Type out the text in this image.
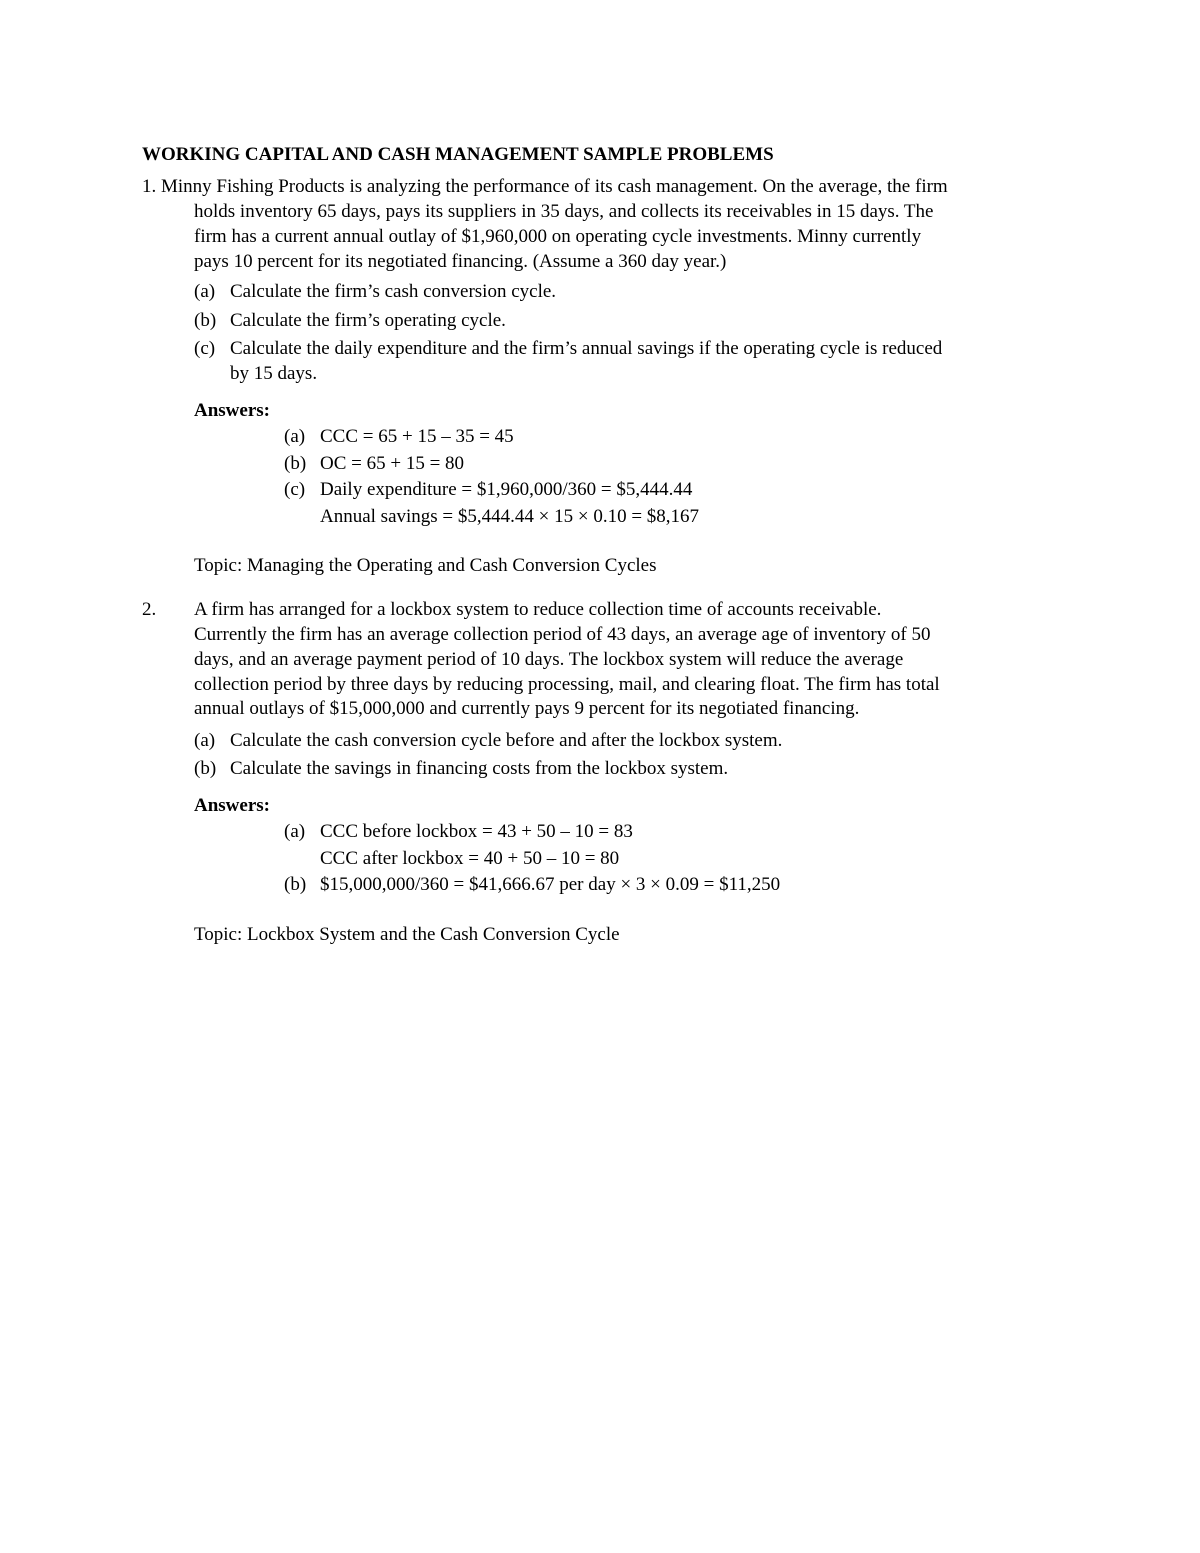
WORKING CAPITAL AND CASH MANAGEMENT SAMPLE PROBLEMS
1. Minny Fishing Products is analyzing the performance of its cash management. On the average, the firm
holds inventory 65 days, pays its suppliers in 35 days, and collects its receivables in 15 days. The
firm has a current annual outlay of $1,960,000 on operating cycle investments. Minny currently
pays 10 percent for its negotiated financing. (Assume a 360 day year.)
(a) Calculate the firm’s cash conversion cycle.
(b) Calculate the firm’s operating cycle.
(c) Calculate the daily expenditure and the firm’s annual savings if the operating cycle is reduced
by 15 days.
Answers:
(a) CCC = 65 + 15 – 35 = 45
(b) OC = 65 + 15 = 80
(c) Daily expenditure = $1,960,000/360 = $5,444.44
Annual savings = $5,444.44 × 15 × 0.10 = $8,167
Topic: Managing the Operating and Cash Conversion Cycles
2. A firm has arranged for a lockbox system to reduce collection time of accounts receivable.
Currently the firm has an average collection period of 43 days, an average age of inventory of 50
days, and an average payment period of 10 days. The lockbox system will reduce the average
collection period by three days by reducing processing, mail, and clearing float. The firm has total
annual outlays of $15,000,000 and currently pays 9 percent for its negotiated financing.
(a) Calculate the cash conversion cycle before and after the lockbox system.
(b) Calculate the savings in financing costs from the lockbox system.
Answers:
(a) CCC before lockbox = 43 + 50 – 10 = 83
CCC after lockbox = 40 + 50 – 10 = 80
(b) $15,000,000/360 = $41,666.67 per day × 3 × 0.09 = $11,250
Topic: Lockbox System and the Cash Conversion Cycle
